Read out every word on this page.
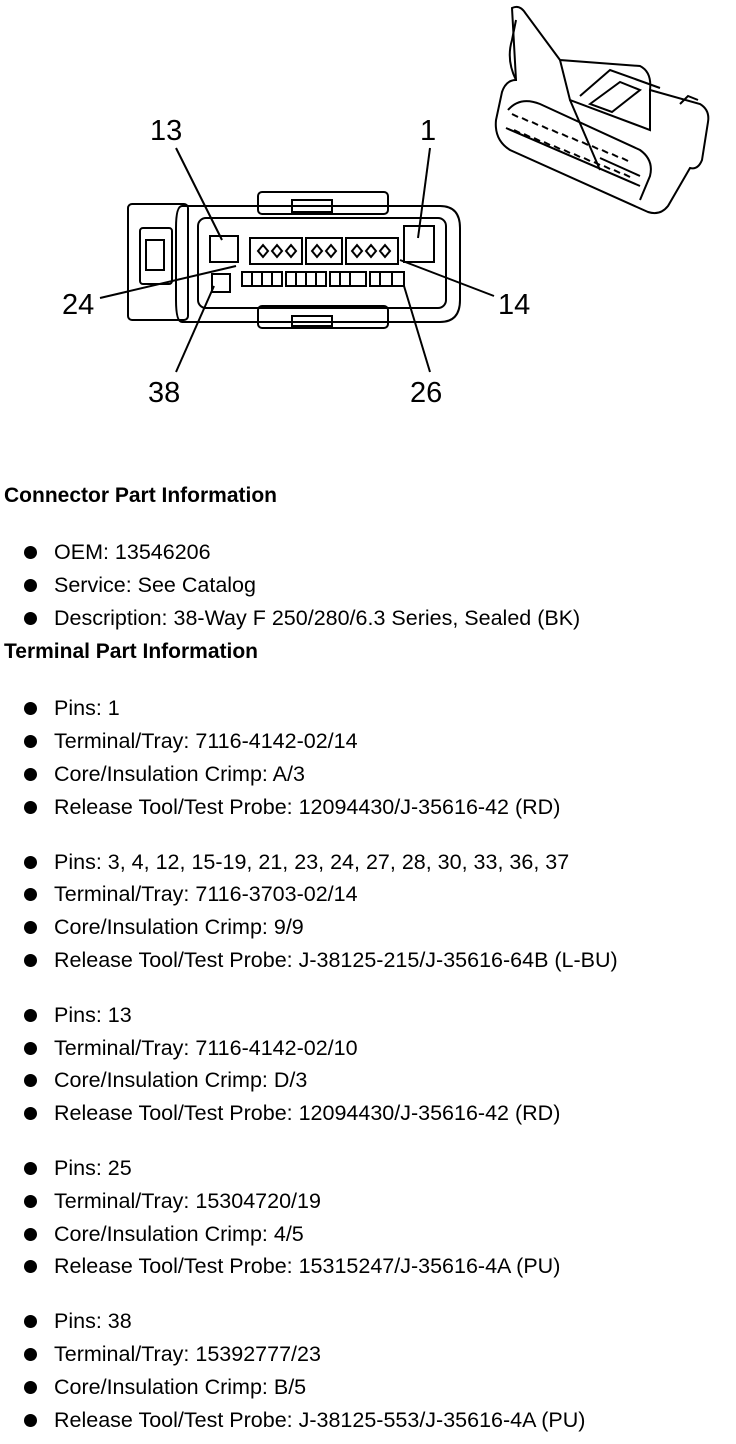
13	1
24	14
38	26
Connector Part Information
OEM: 13546206
Service: See Catalog
Description: 38-Way F 250/280/6.3 Series, Sealed (BK)
Terminal Part Information
Pins: 1
Terminal/Tray: 7116-4142-02/14
Core/Insulation Crimp: A/3
Release Tool/Test Probe: 12094430/J-35616-42 (RD)
Pins: 3, 4, 12, 15-19, 21, 23, 24, 27, 28, 30, 33, 36, 37
Terminal/Tray: 7116-3703-02/14
Core/Insulation Crimp: 9/9
Release Tool/Test Probe: J-38125-215/J-35616-64B (L-BU)
Pins: 13
Terminal/Tray: 7116-4142-02/10
Core/Insulation Crimp: D/3
Release Tool/Test Probe: 12094430/J-35616-42 (RD)
Pins: 25
Terminal/Tray: 15304720/19
Core/Insulation Crimp: 4/5
Release Tool/Test Probe: 15315247/J-35616-4A (PU)
Pins: 38
Terminal/Tray: 15392777/23
Core/Insulation Crimp: B/5
Release Tool/Test Probe: J-38125-553/J-35616-4A (PU)
